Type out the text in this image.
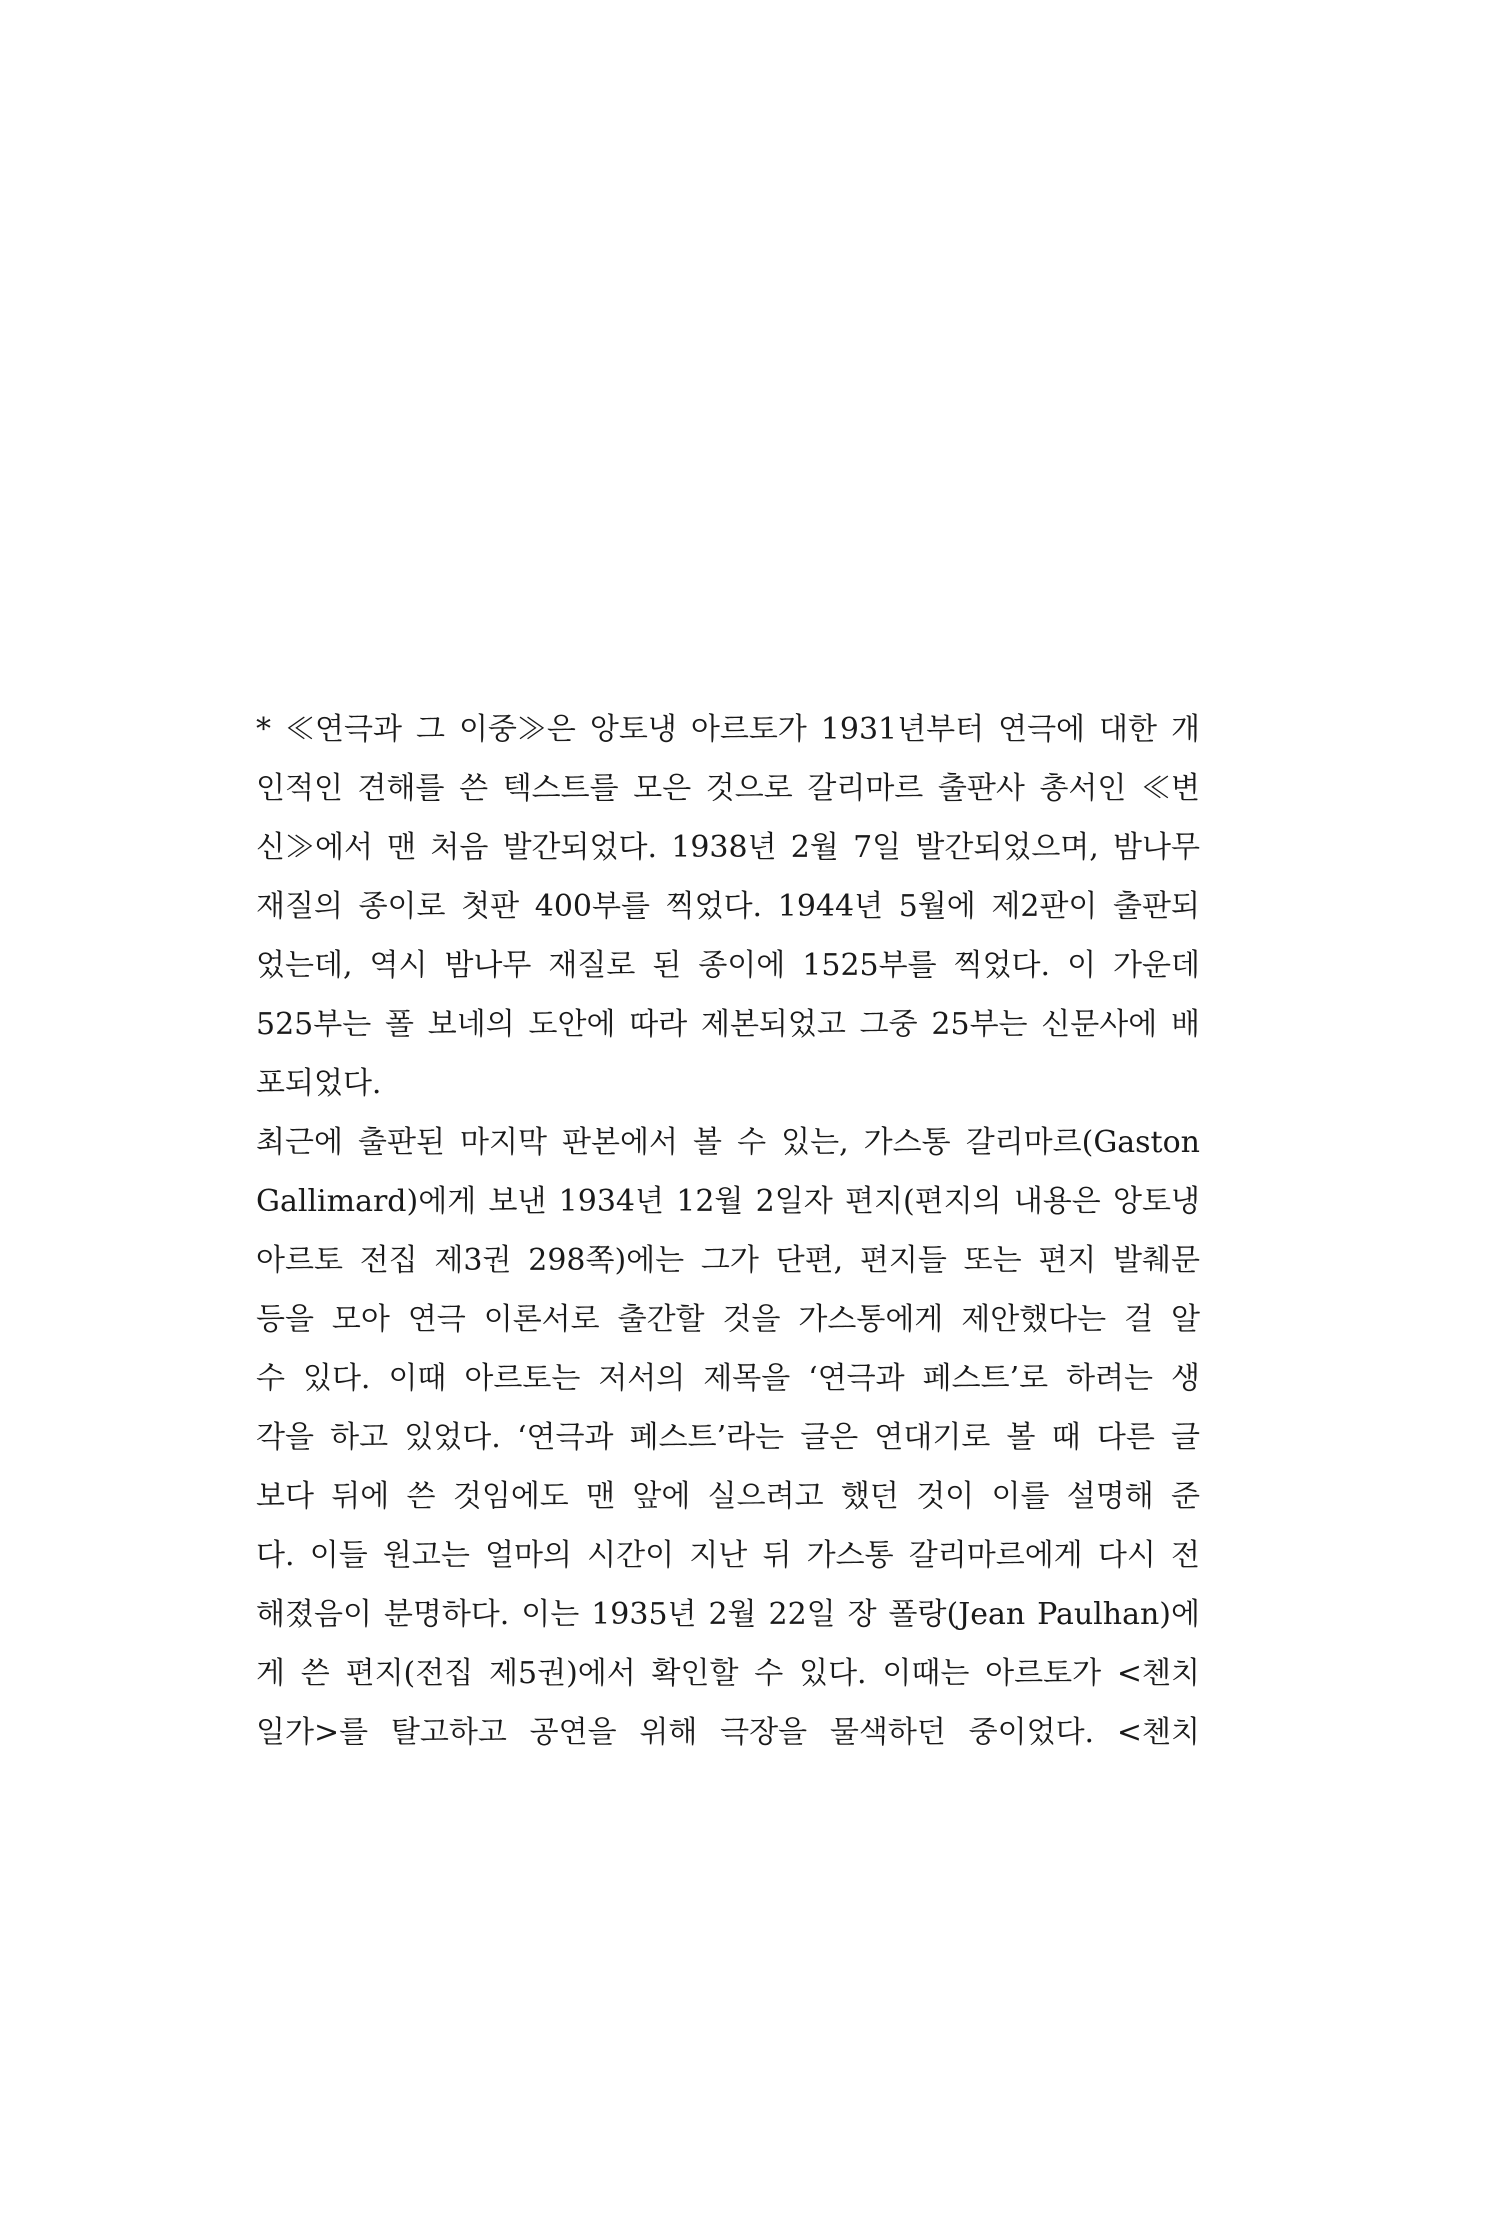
* ≪연극과 그 이중≫은 앙토냉 아르토가 1931년부터 연극에 대한 개
인적인 견해를 쓴 텍스트를 모은 것으로 갈리마르 출판사 총서인 ≪변
신≫에서 맨 처음 발간되었다. 1938년 2월 7일 발간되었으며, 밤나무
재질의 종이로 첫판 400부를 찍었다. 1944년 5월에 제2판이 출판되
었는데, 역시 밤나무 재질로 된 종이에 1525부를 찍었다. 이 가운데
525부는 폴 보네의 도안에 따라 제본되었고 그중 25부는 신문사에 배
포되었다.
최근에 출판된 마지막 판본에서 볼 수 있는, 가스통 갈리마르(Gaston
Gallimard)에게 보낸 1934년 12월 2일자 편지(편지의 내용은 앙토냉
아르토 전집 제3권 298쪽)에는 그가 단편, 편지들 또는 편지 발췌문
등을 모아 연극 이론서로 출간할 것을 가스통에게 제안했다는 걸 알
수 있다. 이때 아르토는 저서의 제목을 ‘연극과 페스트’로 하려는 생
각을 하고 있었다. ‘연극과 페스트’라는 글은 연대기로 볼 때 다른 글
보다 뒤에 쓴 것임에도 맨 앞에 실으려고 했던 것이 이를 설명해 준
다. 이들 원고는 얼마의 시간이 지난 뒤 가스통 갈리마르에게 다시 전
해졌음이 분명하다. 이는 1935년 2월 22일 장 폴랑(Jean Paulhan)에
게 쓴 편지(전집 제5권)에서 확인할 수 있다. 이때는 아르토가 <첸치
일가>를 탈고하고 공연을 위해 극장을 물색하던 중이었다. <첸치
